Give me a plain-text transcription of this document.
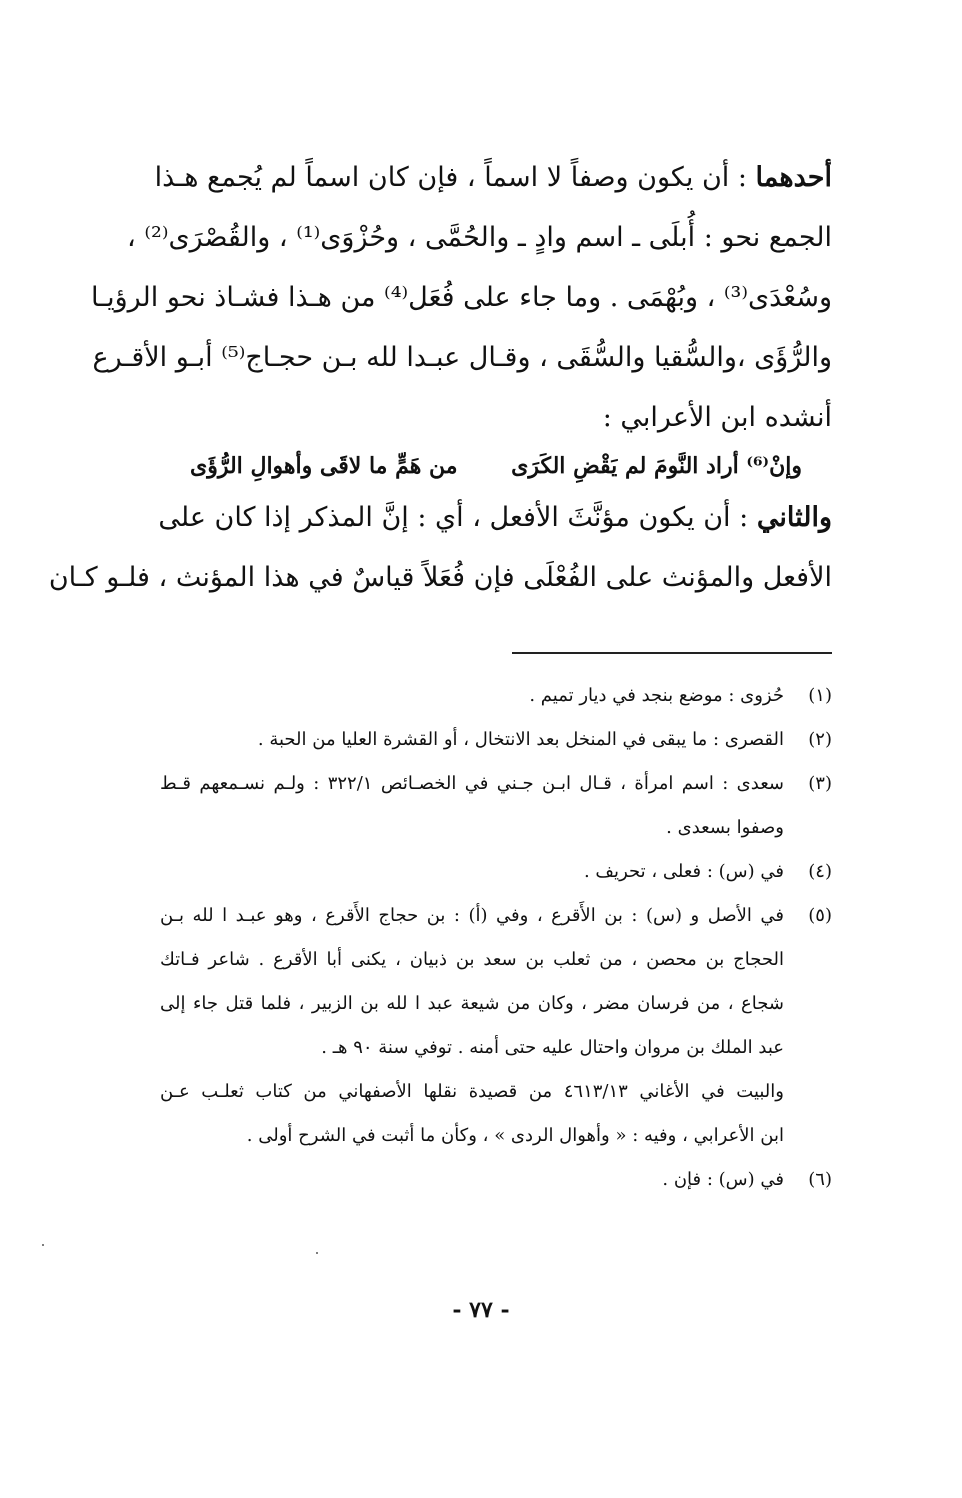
أحدهما : أن يكون وصفاً لا اسماً ، فإن كان اسماً لم يُجمع هـذا
الجمع نحو : أُبلَى ـ اسم وادٍ ـ والحُمَّى ، وحُزْوَى⁽¹⁾ ، والقُصْرَى⁽²⁾ ،
وسُعْدَى⁽³⁾ ، وبُهْمَى . وما جاء على فُعَل⁽⁴⁾ من هـذا فشـاذ نحو الرؤيـا
والرُّؤَى ،والسُّقيا والسُّقَى ، وقـال عبـدا لله بـن حجـاج⁽⁵⁾ أبـو الأقـرع
أنشده ابن الأعرابي :
وإنْ⁽⁶⁾ أراد النَّومَ لم يَقْضِ الكَرَى
من هَمٍّ ما لاقَى وأهوالِ الرُّؤَى
والثاني : أن يكون مؤنَّثَ الأفعل ، أي : إنَّ المذكر إذا كان على
الأفعل والمؤنث على الفُعْلَى فإن فُعَلاً قياسٌ في هذا المؤنث ، فلـو كـان
(١)
حُزوى : موضع بنجد في ديار تميم .
(٢)
القصرى : ما يبقى في المنخل بعد الانتخال ، أو القشرة العليا من الحبة .
(٣)
سعدى : اسم امرأة ، قـال ابـن جـني في الخصـائص ٣٢٢/١ : ولـم نسـمعهم قـط
وصفوا بسعدى .
(٤)
في (س) : فعلى ، تحريف .
(٥)
في الأصل و (س) : بن الأَقرع ، وفي (أ) : بن حجاج الأَقرع ، وهو عبـد ا لله بـن
الحجاج بن محصن ، من ثعلب بن سعد بن ذبيان ، يكنى أبا الأقرع . شاعر فـاتك
شجاع ، من فرسان مضر ، وكان من شيعة عبد ا لله بن الزبير ، فلما قتل جاء إلى
عبد الملك بن مروان واحتال عليه حتى أمنه . توفي سنة ٩٠ هـ .
والبيت في الأغاني ٤٦١٣/١٣ من قصيدة نقلها الأصفهاني من كتاب ثعلـب عـن
ابن الأعرابي ، وفيه : « وأهوال الردى » ، وكأن ما أثبت في الشرح أولى .
(٦)
في (س) : فإن .
- ٧٧ -
